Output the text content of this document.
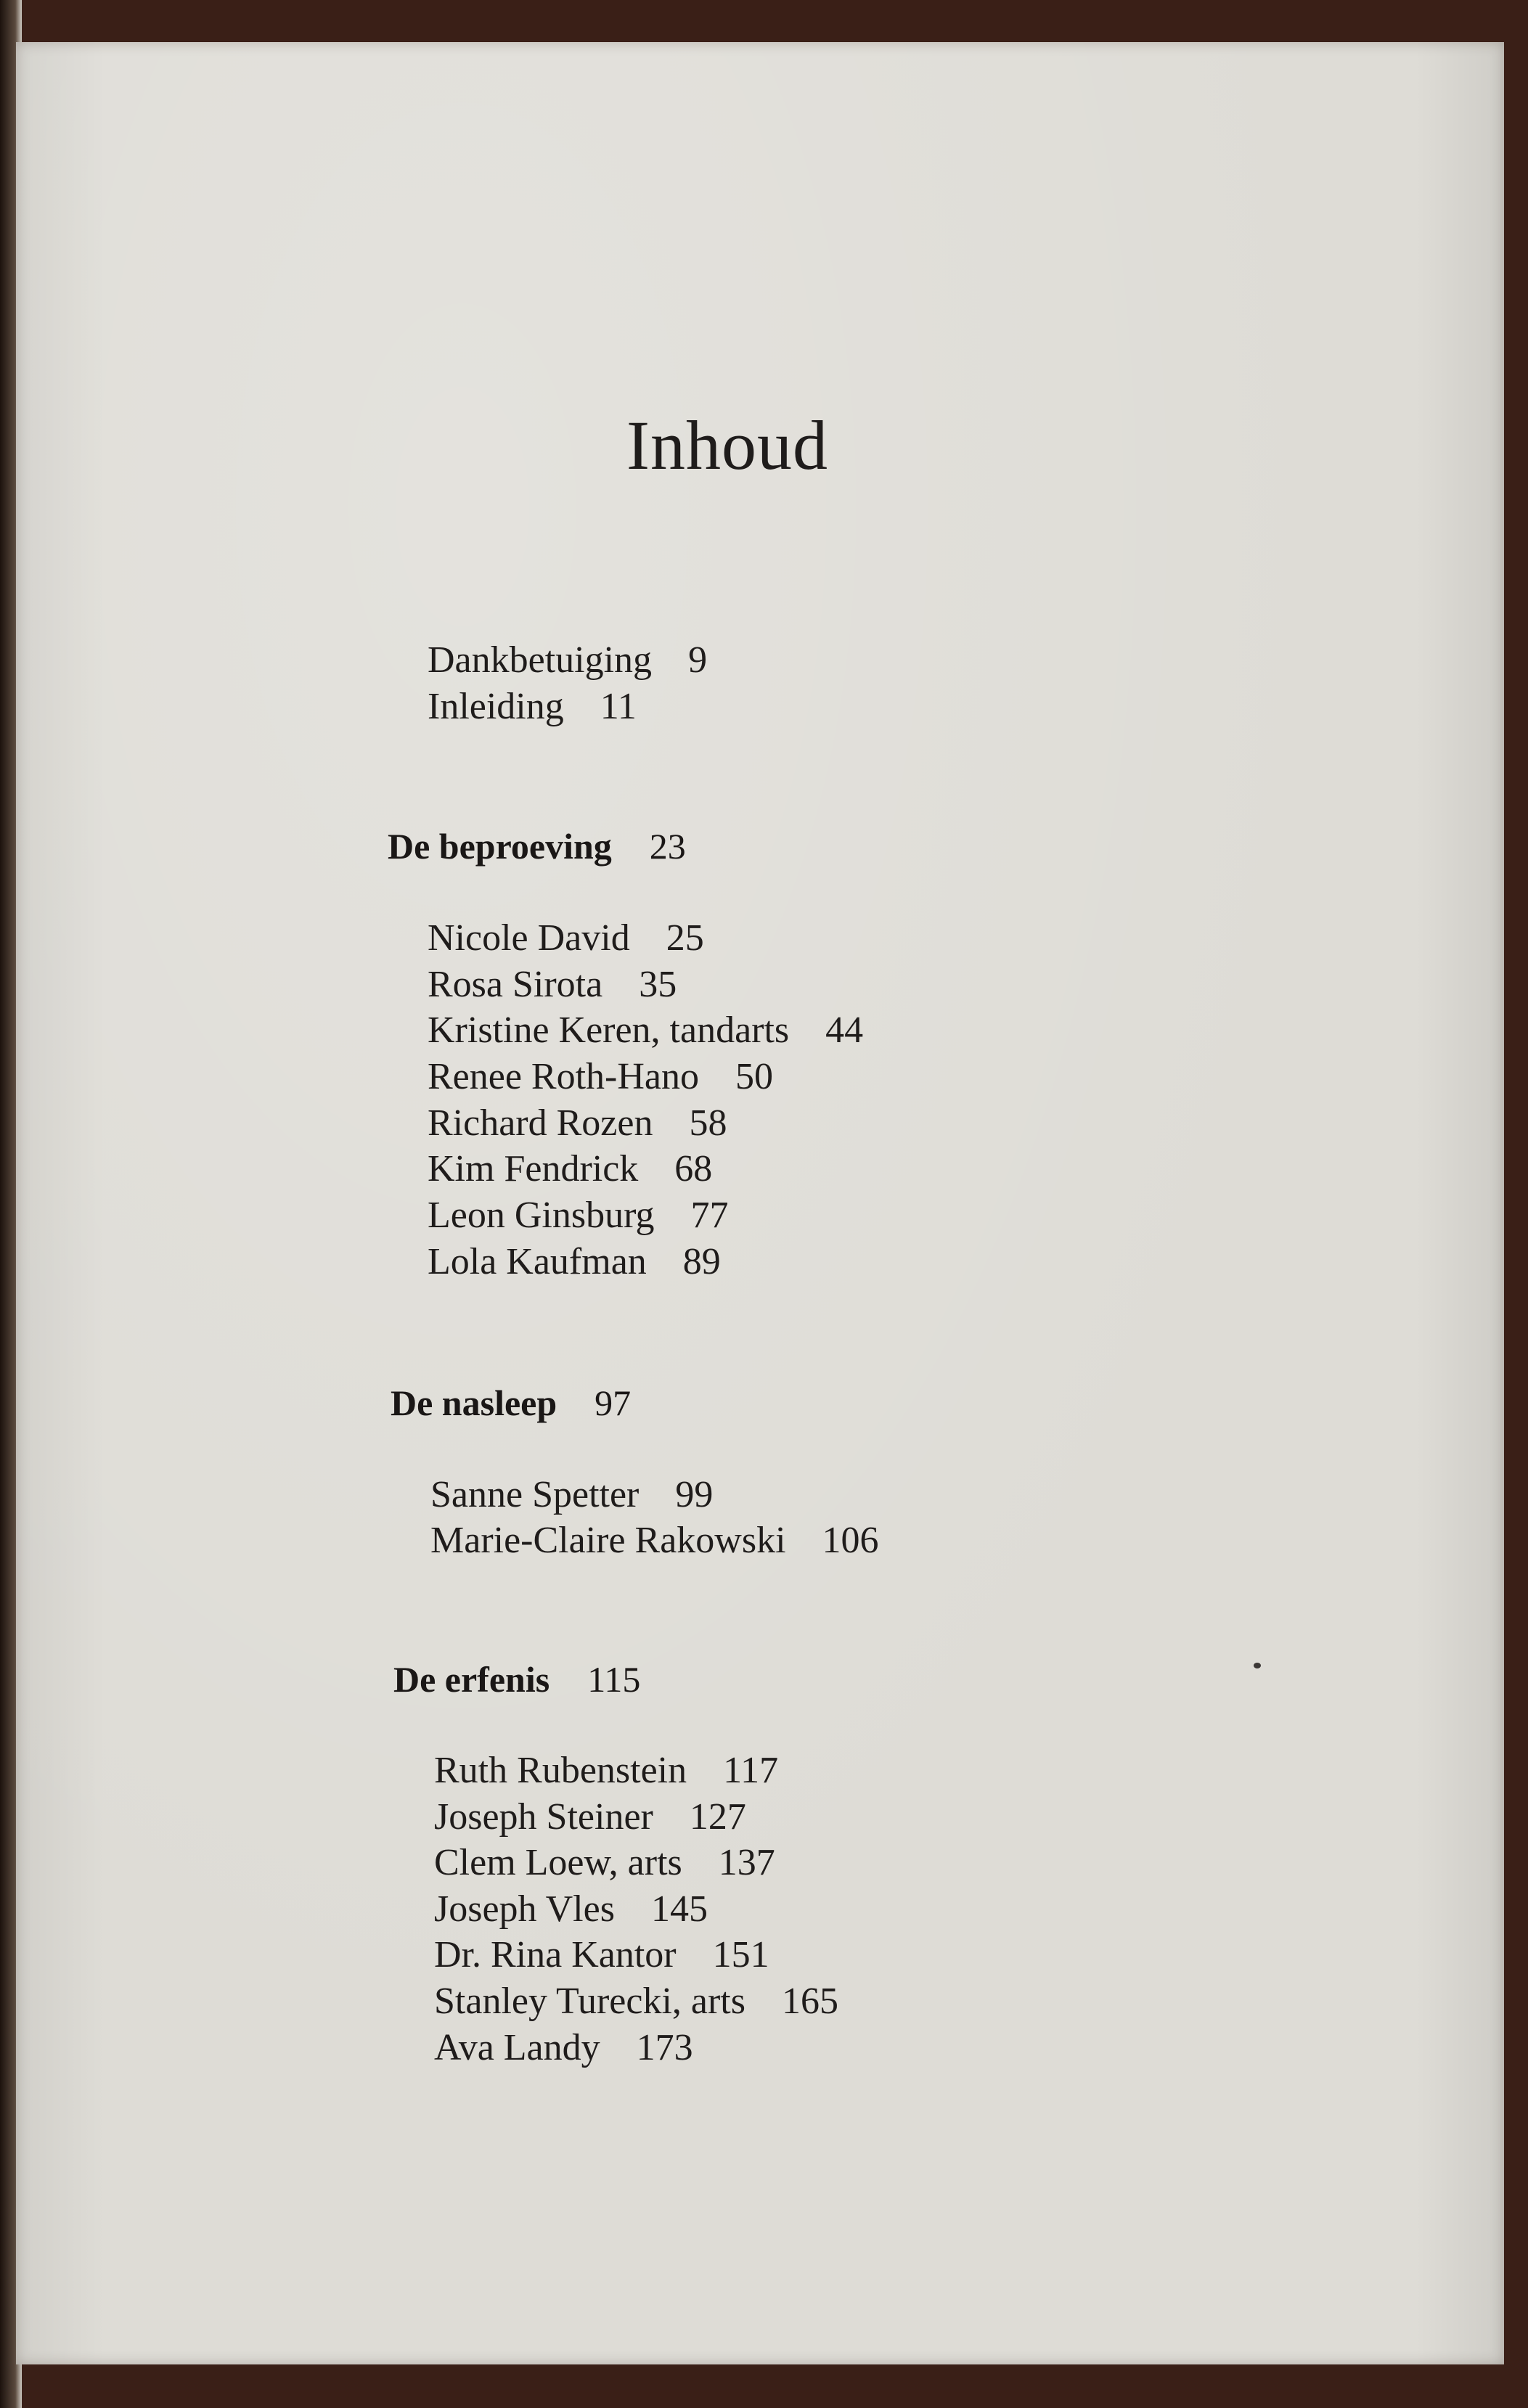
Inhoud
Dankbetuiging 9
Inleiding 11
De beproeving 23
Nicole David 25
Rosa Sirota 35
Kristine Keren, tandarts 44
Renee Roth-Hano 50
Richard Rozen 58
Kim Fendrick 68
Leon Ginsburg 77
Lola Kaufman 89
De nasleep 97
Sanne Spetter 99
Marie-Claire Rakowski 106
De erfenis 115
Ruth Rubenstein 117
Joseph Steiner 127
Clem Loew, arts 137
Joseph Vles 145
Dr. Rina Kantor 151
Stanley Turecki, arts 165
Ava Landy 173
